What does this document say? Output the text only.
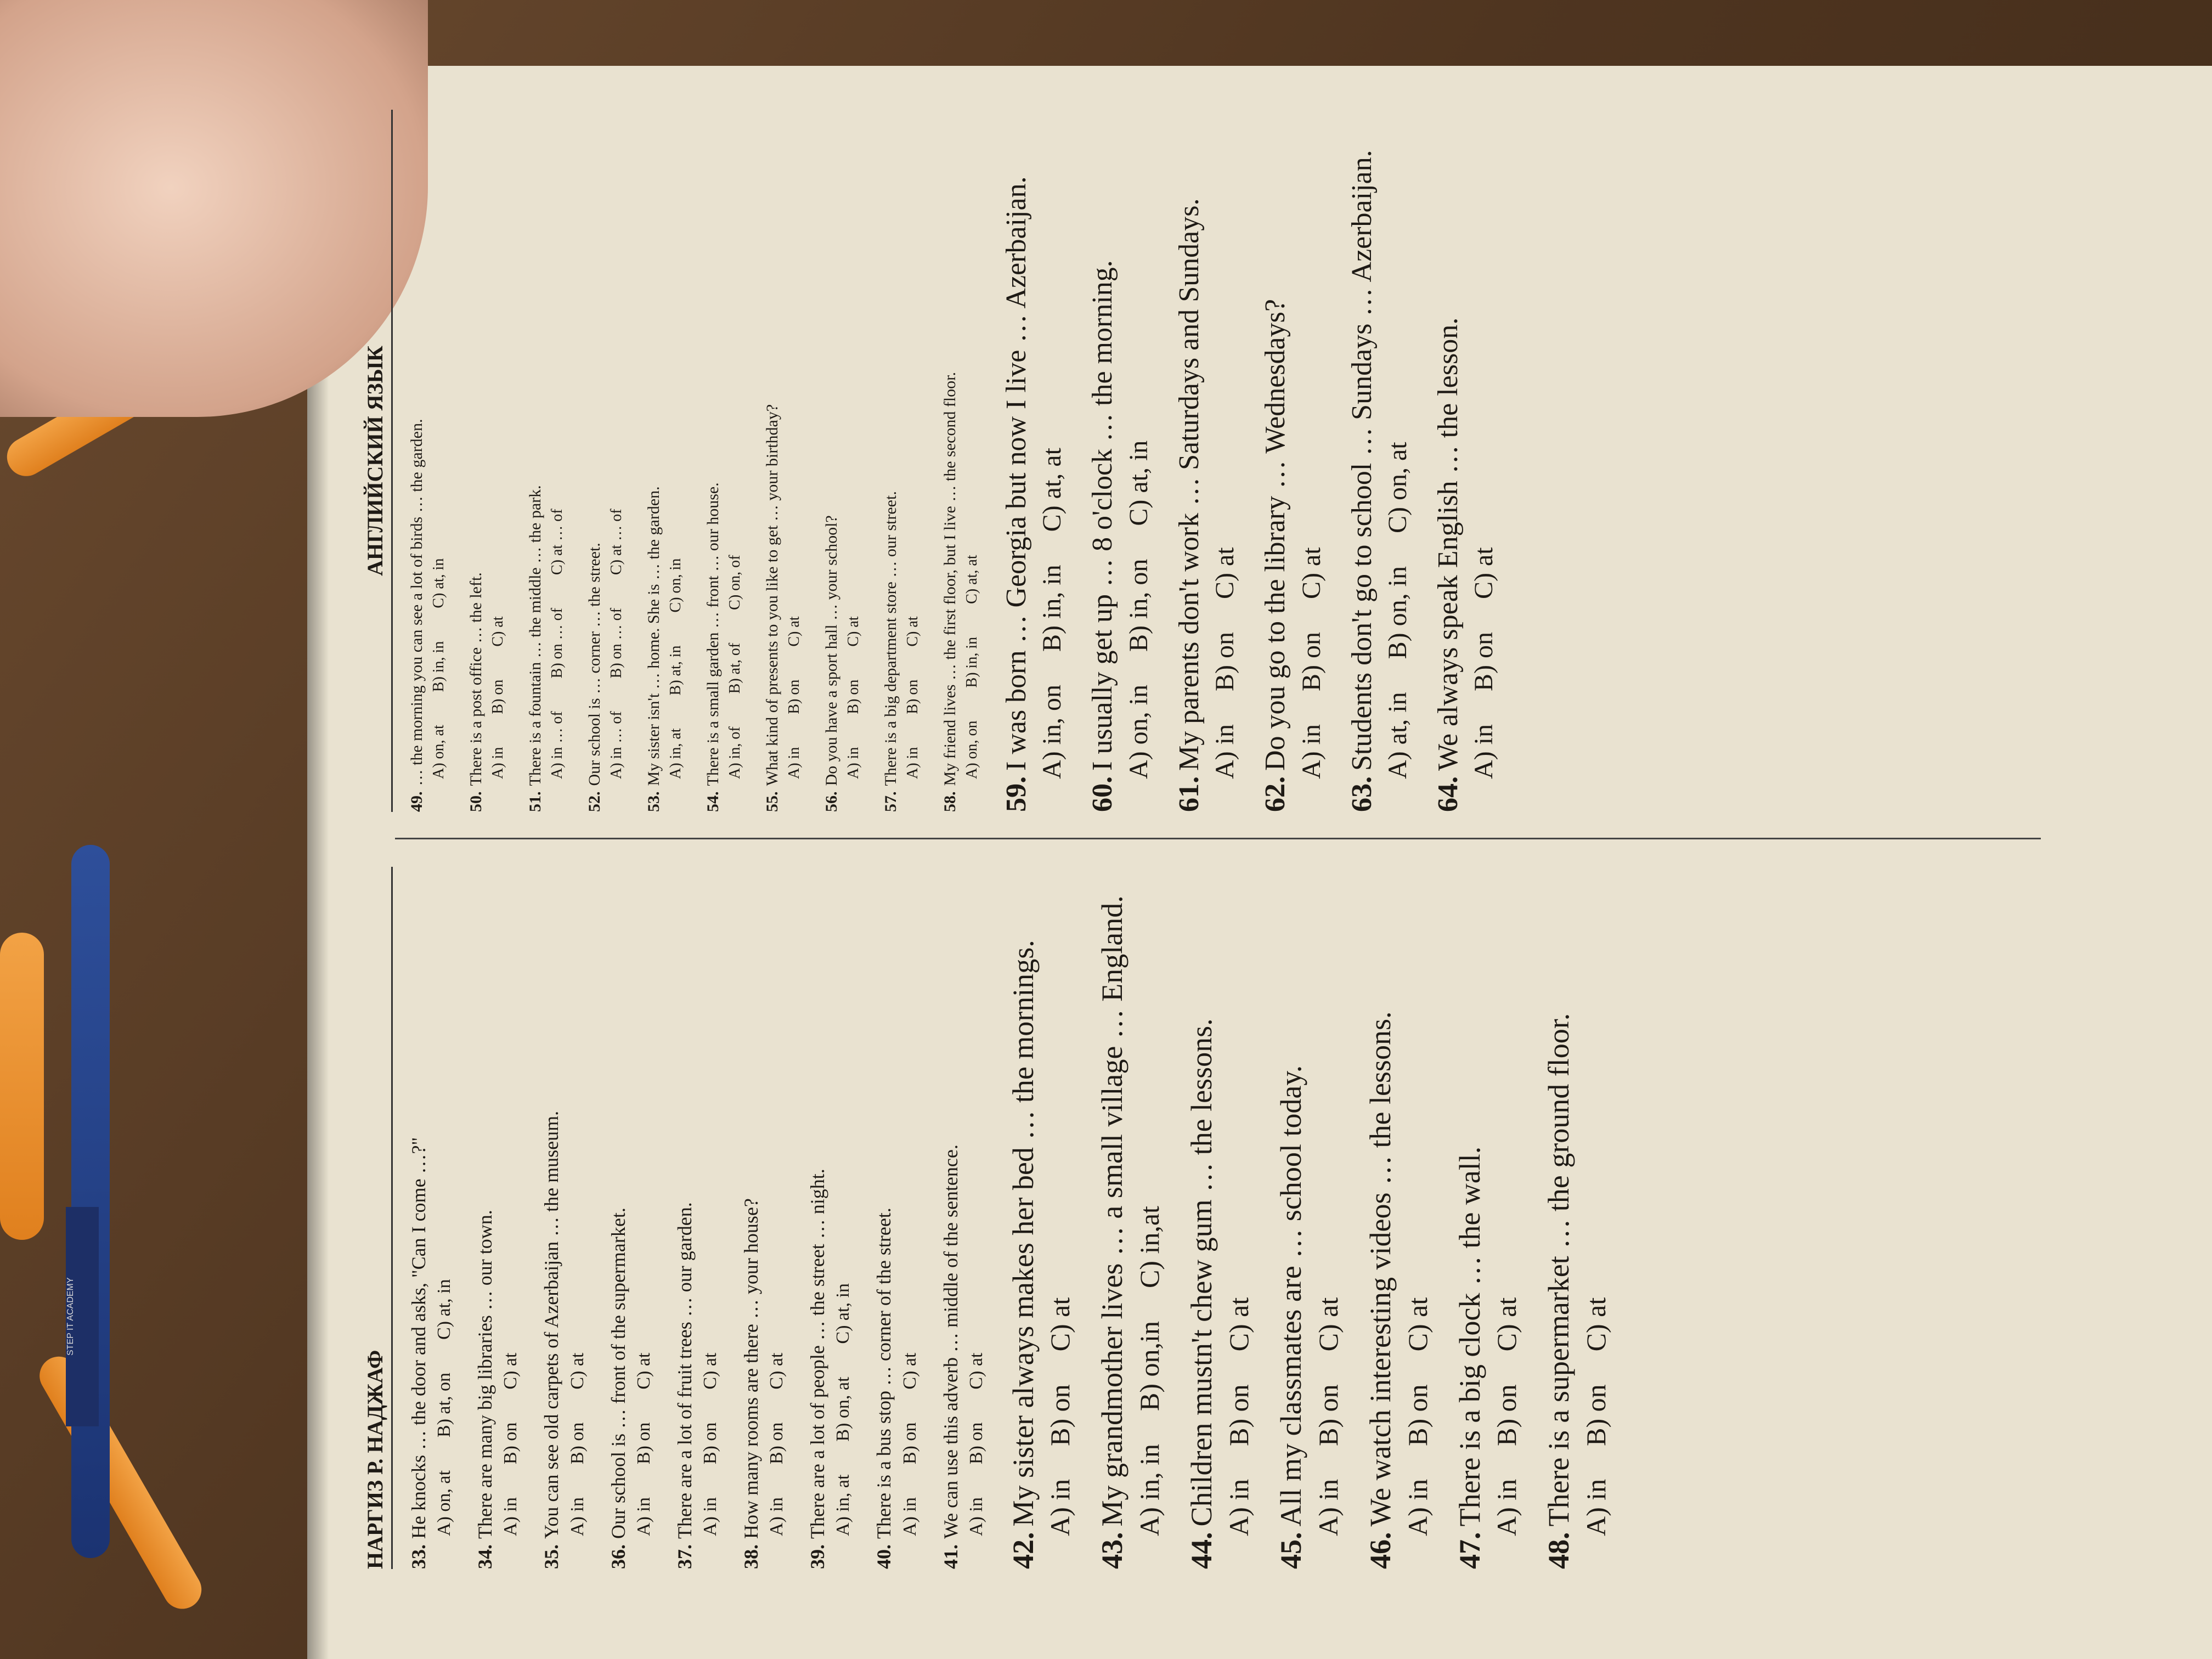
STEP IT ACADEMY
НАРГИЗ Р. НАДЖАФ 33.He knocks … the door and asks, "Can I come …?" A) on, at
B) at, on
C) at, in
34.There are many big libraries … our town. A) in
B) on
C) at
35.You can see old carpets of Azerbaijan … the museum. A) in
B) on
C) at
36.Our school is … front of the supermarket. A) in
B) on
C) at
37.There are a lot of fruit trees … our garden. A) in
B) on
C) at
38.How many rooms are there … your house? A) in
B) on
C) at
39.There are a lot of people … the street … night. A) in, at
B) on, at
C) at, in
40.There is a bus stop … corner of the street. A) in
B) on
C) at
41.We can use this adverb … middle of the sentence. A) in
B) on
C) at
42.My sister always makes her bed … the mornings. A) in
B) on
C) at
43.My grandmother lives … a small village … England. A) in, in
B) on,in
C) in,at
44.Children mustn't chew gum … the lessons. A) in
B) on
C) at
45.All my classmates are … school today. A) in
B) on
C) at
46.We watch interesting videos … the lessons. A) in
B) on
C) at
47.There is a big clock … the wall. A) in
B) on
C) at
48.There is a supermarket … the ground floor. A) in
B) on
C) at
АНГЛИЙСКИЙ ЯЗЫК
49.… the morning you can see a lot of birds … the garden. A) on, at
B) in, in
C) at, in
50.There is a post office … the left. A) in
B) on
C) at
51.There is a fountain … the middle … the park. A) in … of
B) on … of
C) at … of
52.Our school is … corner … the street. A) in … of
B) on … of
C) at … of
53.My sister isn't … home. She is … the garden. A) in, at
B) at, in
C) on, in
54.There is a small garden … front … our house. A) in, of
B) at, of
C) on, of
55.What kind of presents to you like to get … your birthday? A) in
B) on
C) at
56.Do you have a sport hall … your school? A) in
B) on
C) at
57.There is a big department store … our street. A) in
B) on
C) at
58.My friend lives … the first floor, but I live … the second floor. A) on, on
B) in, in
C) at, at
59.I was born … Georgia but now I live … Azerbaijan. A) in, on
B) in, in
C) at, at
60.I usually get up … 8 o'clock … the morning. A) on, in
B) in, on
C) at, in
61.My parents don't work … Saturdays and Sundays. A) in
B) on
C) at
62.Do you go to the library … Wednesdays? A) in
B) on
C) at
63.Students don't go to school … Sundays … Azerbaijan. A) at, in
B) on, in
C) on, at
64.We always speak English … the lesson. A) in
B) on
C) at
